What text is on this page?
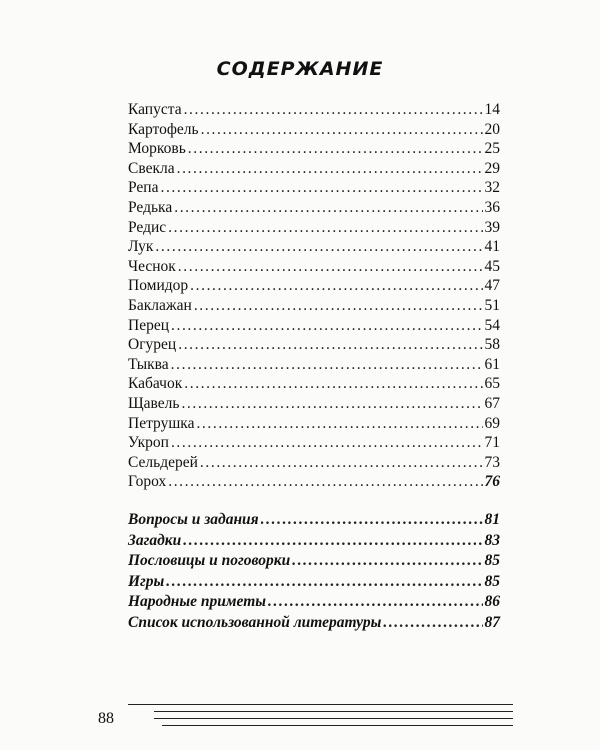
СОДЕРЖАНИЕ
Капуста .....	14
Картофель .....	20
Морковь .....	25
Свекла .....	29
Репа .....	32
Редька .....	36
Редис .....	39
Лук .....	41
Чеснок .....	45
Помидор .....	47
Баклажан .....	51
Перец .....	54
Огурец .....	58
Тыква .....	61
Кабачок .....	65
Щавель .....	67
Петрушка .....	69
Укроп .....	71
Сельдерей .....	73
Горох .....	76
Вопросы и задания .....	81
Загадки .....	83
Пословицы и поговорки .....	85
Игры .....	85
Народные приметы .....	86
Список использованной литературы .....	87
88
